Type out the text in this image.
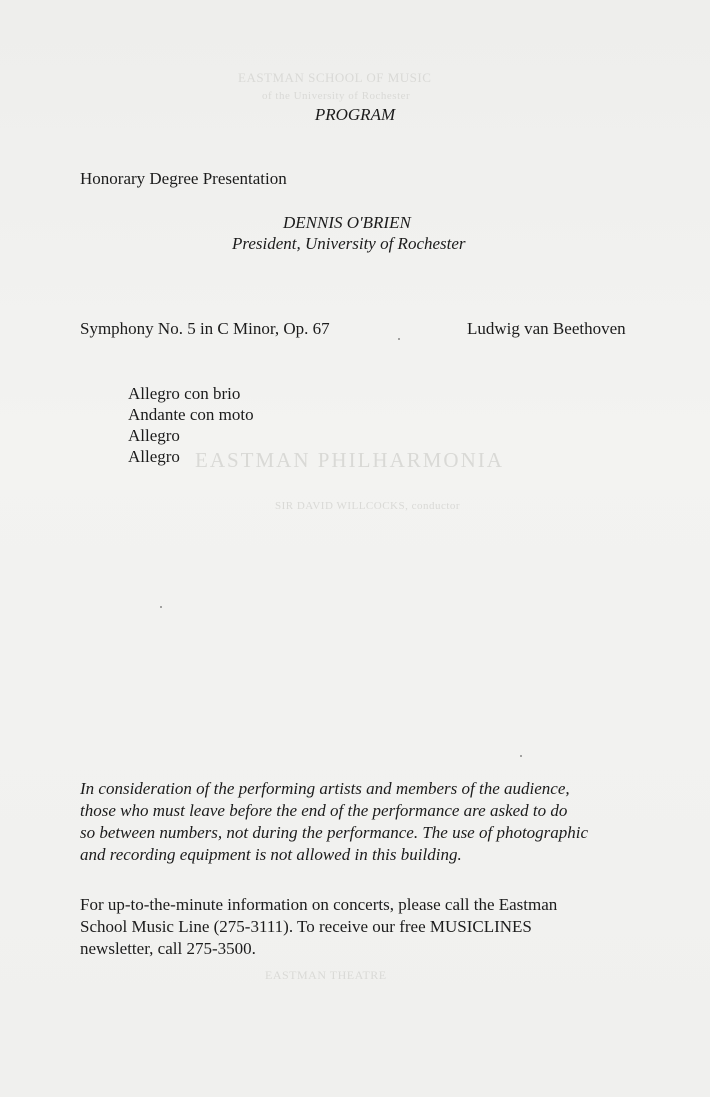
EASTMAN SCHOOL OF MUSIC
of the University of Rochester
EASTMAN PHILHARMONIA
SIR DAVID WILLCOCKS, conductor
EASTMAN THEATRE
PROGRAM
Honorary Degree Presentation
DENNIS O'BRIEN
President, University of Rochester
Symphony No. 5 in C Minor, Op. 67	Ludwig van Beethoven
Allegro con brio
Andante con moto
Allegro
Allegro

In consideration of the performing artists and members of the audience,

those who must leave before the end of the performance are asked to do

so between numbers, not during the performance. The use of photographic

and recording equipment is not allowed in this building.

For up-to-the-minute information on concerts, please call the Eastman

School Music Line (275-3111). To receive our free MUSICLINES

newsletter, call 275-3500.
